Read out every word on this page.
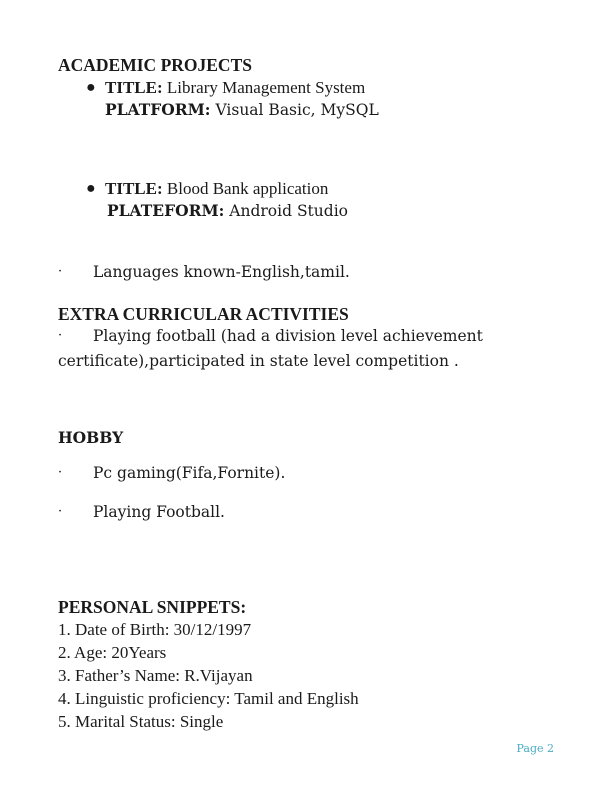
ACADEMIC PROJECTS
● TITLE: Library Management System
PLATFORM: Visual Basic, MySQL
● TITLE: Blood Bank application
PLATEFORM: Android Studio
· Languages known-English,tamil.
EXTRA CURRICULAR ACTIVITIES
· Playing football (had a division level achievement
certificate),participated in state level competition .
HOBBY
· Pc gaming(Fifa,Fornite).
· Playing Football.
PERSONAL SNIPPETS:
1. Date of Birth: 30/12/1997
2. Age: 20Years
3. Father’s Name: R.Vijayan
4. Linguistic proficiency: Tamil and English
5. Marital Status: Single
Page 2
